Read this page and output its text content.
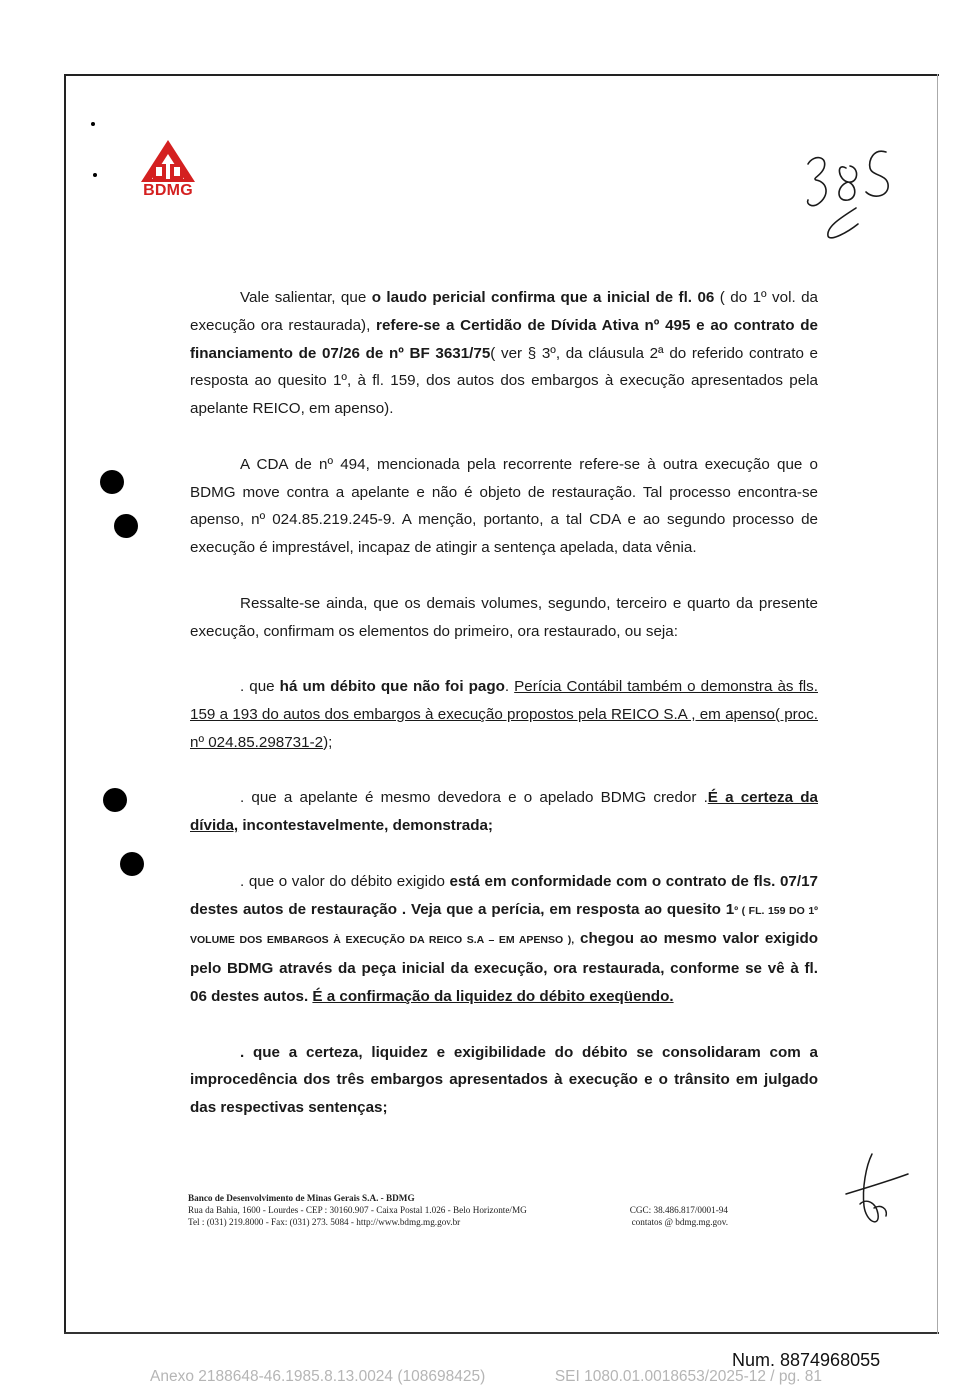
BDMG

Vale salientar, que o laudo pericial confirma que a inicial de fl. 06 ( do 1º vol. da execução ora restaurada), refere-se a Certidão de Dívida Ativa nº 495 e ao contrato de financiamento de 07/26 de nº BF 3631/75( ver § 3º, da cláusula 2ª do referido contrato e resposta ao quesito 1º, à fl. 159, dos autos dos embargos à execução apresentados pela apelante REICO, em apenso).

A CDA de nº 494, mencionada pela recorrente refere-se à outra execução que o BDMG move contra a apelante e não é objeto de restauração. Tal processo encontra-se apenso, nº 024.85.219.245-9. A menção, portanto, a tal CDA e ao segundo processo de execução é imprestável, incapaz de atingir a sentença apelada, data vênia.

Ressalte-se ainda, que os demais volumes, segundo, terceiro e quarto da presente execução, confirmam os elementos do primeiro, ora restaurado, ou seja:

. que há um débito que não foi pago. Perícia Contábil também o demonstra às fls. 159 a 193 do autos dos embargos à execução propostos pela REICO S.A , em apenso( proc. nº 024.85.298731-2);

. que a apelante é mesmo devedora e o apelado BDMG credor .É a certeza da dívida, incontestavelmente, demonstrada;

. que o valor do débito exigido está em conformidade com o contrato de fls. 07/17 destes autos de restauração . Veja que a perícia, em resposta ao quesito 1º ( FL. 159 DO 1º VOLUME DOS EMBARGOS À EXECUÇÃO DA REICO S.A – EM APENSO ), chegou ao mesmo valor exigido pelo BDMG através da peça inicial da execução, ora restaurada, conforme se vê à fl. 06 destes autos. É a confirmação da liquidez do débito exeqüendo.

. que a certeza, liquidez e exigibilidade do débito se consolidaram com a improcedência dos três embargos apresentados à execução e o trânsito em julgado das respectivas sentenças;

Banco de Desenvolvimento de Minas Gerais S.A. - BDMG
Rua da Bahia, 1600 - Lourdes - CEP : 30160.907 - Caixa Postal 1.026 - Belo Horizonte/MG	CGC: 38.486.817/0001-94
Tel : (031) 219.8000 - Fax: (031) 273. 5084 - http://www.bdmg.mg.gov.br	contatos @ bdmg.mg.gov.
Num. 8874968055
Anexo 2188648-46.1985.8.13.0024 (108698425)	SEI 1080.01.0018653/2025-12 / pg. 81
